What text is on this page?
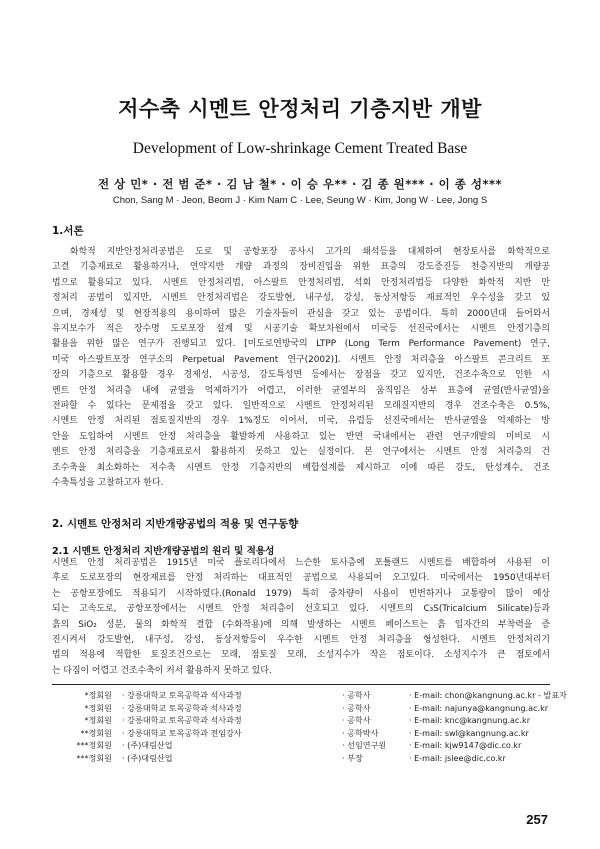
저수축 시멘트 안정처리 기층지반 개발
Development of Low-shrinkage Cement Treated Base
전 상 민* · 전 범 준* · 김 남 철* · 이 승 우** · 김 종 원*** · 이 종 성***
Chon, Sang M · Jeon, Beom J · Kim Nam C · Lee, Seung W · Kim, Jong W · Lee, Jong S
1.서론
화학적 지반안정처리공법은 도로 및 공항포장 공사시 고가의 쇄석등을 대체하여 현장토사를 화학적으로
고결 기층재료로 활용하거나, 연약지반 개량 과정의 장비진입을 위한 표층의 강도증진등 천층지반의 개량공
법으로 활용되고 있다. 시멘트 안정처리법, 아스팔트 안정처리법, 석회 안정처리법등 다양한 화학적 지반 안
정처리 공법이 있지만, 시멘트 안정처리법은 강도발현, 내구성, 강성, 동상저항등 재료적인 우수성을 갖고 있
으며, 경제성 및 현장적용의 용이하여 많은 기술자들이 관심을 갖고 있는 공법이다. 특히 2000년대 들어와서
유지보수가 적은 장수명 도로포장 설계 및 시공기술 확보차원에서 미국등 선진국에서는 시멘트 안정기층의
활용을 위한 많은 연구가 진행되고 있다. [미도로연방국의 LTPP (Long Term Performance Pavement) 연구,
미국 아스팔트포장 연구소의 Perpetual Pavement 연구(2002)]. 시멘트 안정 처리층을 아스팔트 콘크리트 포
장의 기층으로 활용할 경우 경제성, 시공성, 강도특성면 등에서는 장점을 갖고 있지만, 건조수축으로 인한 시
멘트 안정 처리층 내에 균열을 억제하기가 어렵고, 이러한 균열부의 움직임은 상부 표층에 균열(반사균열)을
전파할 수 있다는 문제점을 갖고 있다. 일반적으로 시멘트 안정처리된 모래질지반의 경우 건조수축은 0.5%,
시멘트 안정 처리된 점토질지반의 경우 1%정도 이어서, 미국, 유럽등 선진국에서는 반사균열을 억제하는 방
안을 도입하여 시멘트 안정 처리층을 활발하게 사용하고 있는 반면 국내에서는 관련 연구개발의 미비로 시
멘트 안정 처리층을 기층재료로서 활용하지 못하고 있는 실정이다. 본 연구에서는 시멘트 안정 처리층의 건
조수축을 최소화하는 저수축 시멘트 안정 기층지반의 배합설계를 제시하고 이에 따른 강도, 탄성계수, 건조
수축특성을 고찰하고자 한다.
2. 시멘트 안정처리 지반개량공법의 적용 및 연구동향
2.1 시멘트 안정처리 지반개량공법의 원리 및 적용성
시멘트 안정 처리공법은 1915년 미국 플로리다에서 느슨한 토사층에 포틀랜드 시멘트를 배합하여 사용된 이
후로 도로포장의 현장재료를 안정 처리하는 대표적인 공법으로 사용되어 오고있다. 미국에서는 1950년대부터
는 공항포장에도 적용되기 시작하였다.(Ronald 1979) 특히 중차량이 사용이 빈번하거나 교통량이 많이 예상
되는 고속도로, 공항포장에서는 시멘트 안정 처리층이 선호되고 있다. 시멘트의 C₃S(Tricalcium Silicate)등과
흙의 SiO₂ 성분, 물의 화학적 결합 (수화작용)에 의해 발생하는 시멘트 페이스트는 흙 입자간의 부착력을 증
진시켜서 강도발현, 내구성, 강성, 동상저항등이 우수한 시멘트 안정 처리층을 형성한다. 시멘트 안정처리기
법의 적용에 적합한 토질조건으로는 모래, 점토질 모래, 소성지수가 작은 점토이다. 소성지수가 큰 점토에서
는 다짐이 어렵고 건조수축이 커서 활용하지 못하고 있다.
*정회원 · 강릉대학교 토목공학과 석사과정	· 공학사	· E-mail: chon@kangnung.ac.kr - 발표자
*정회원 · 강릉대학교 토목공학과 석사과정	· 공학사	· E-mail: najunya@kangnung.ac.kr
*정회원 · 강릉대학교 토목공학과 석사과정	· 공학사	· E-mail: knc@kangnung.ac.kr
**정회원 · 강릉대학교 토목공학과 전임강사	· 공학박사	· E-mail: swl@kangnung.ac.kr
***정회원 · (주)대림산업	· 선임연구원	· E-mail: kjw9147@dic.co.kr
***정회원 · (주)대림산업	· 부장	· E-mail: jslee@dic.co.kr
257
